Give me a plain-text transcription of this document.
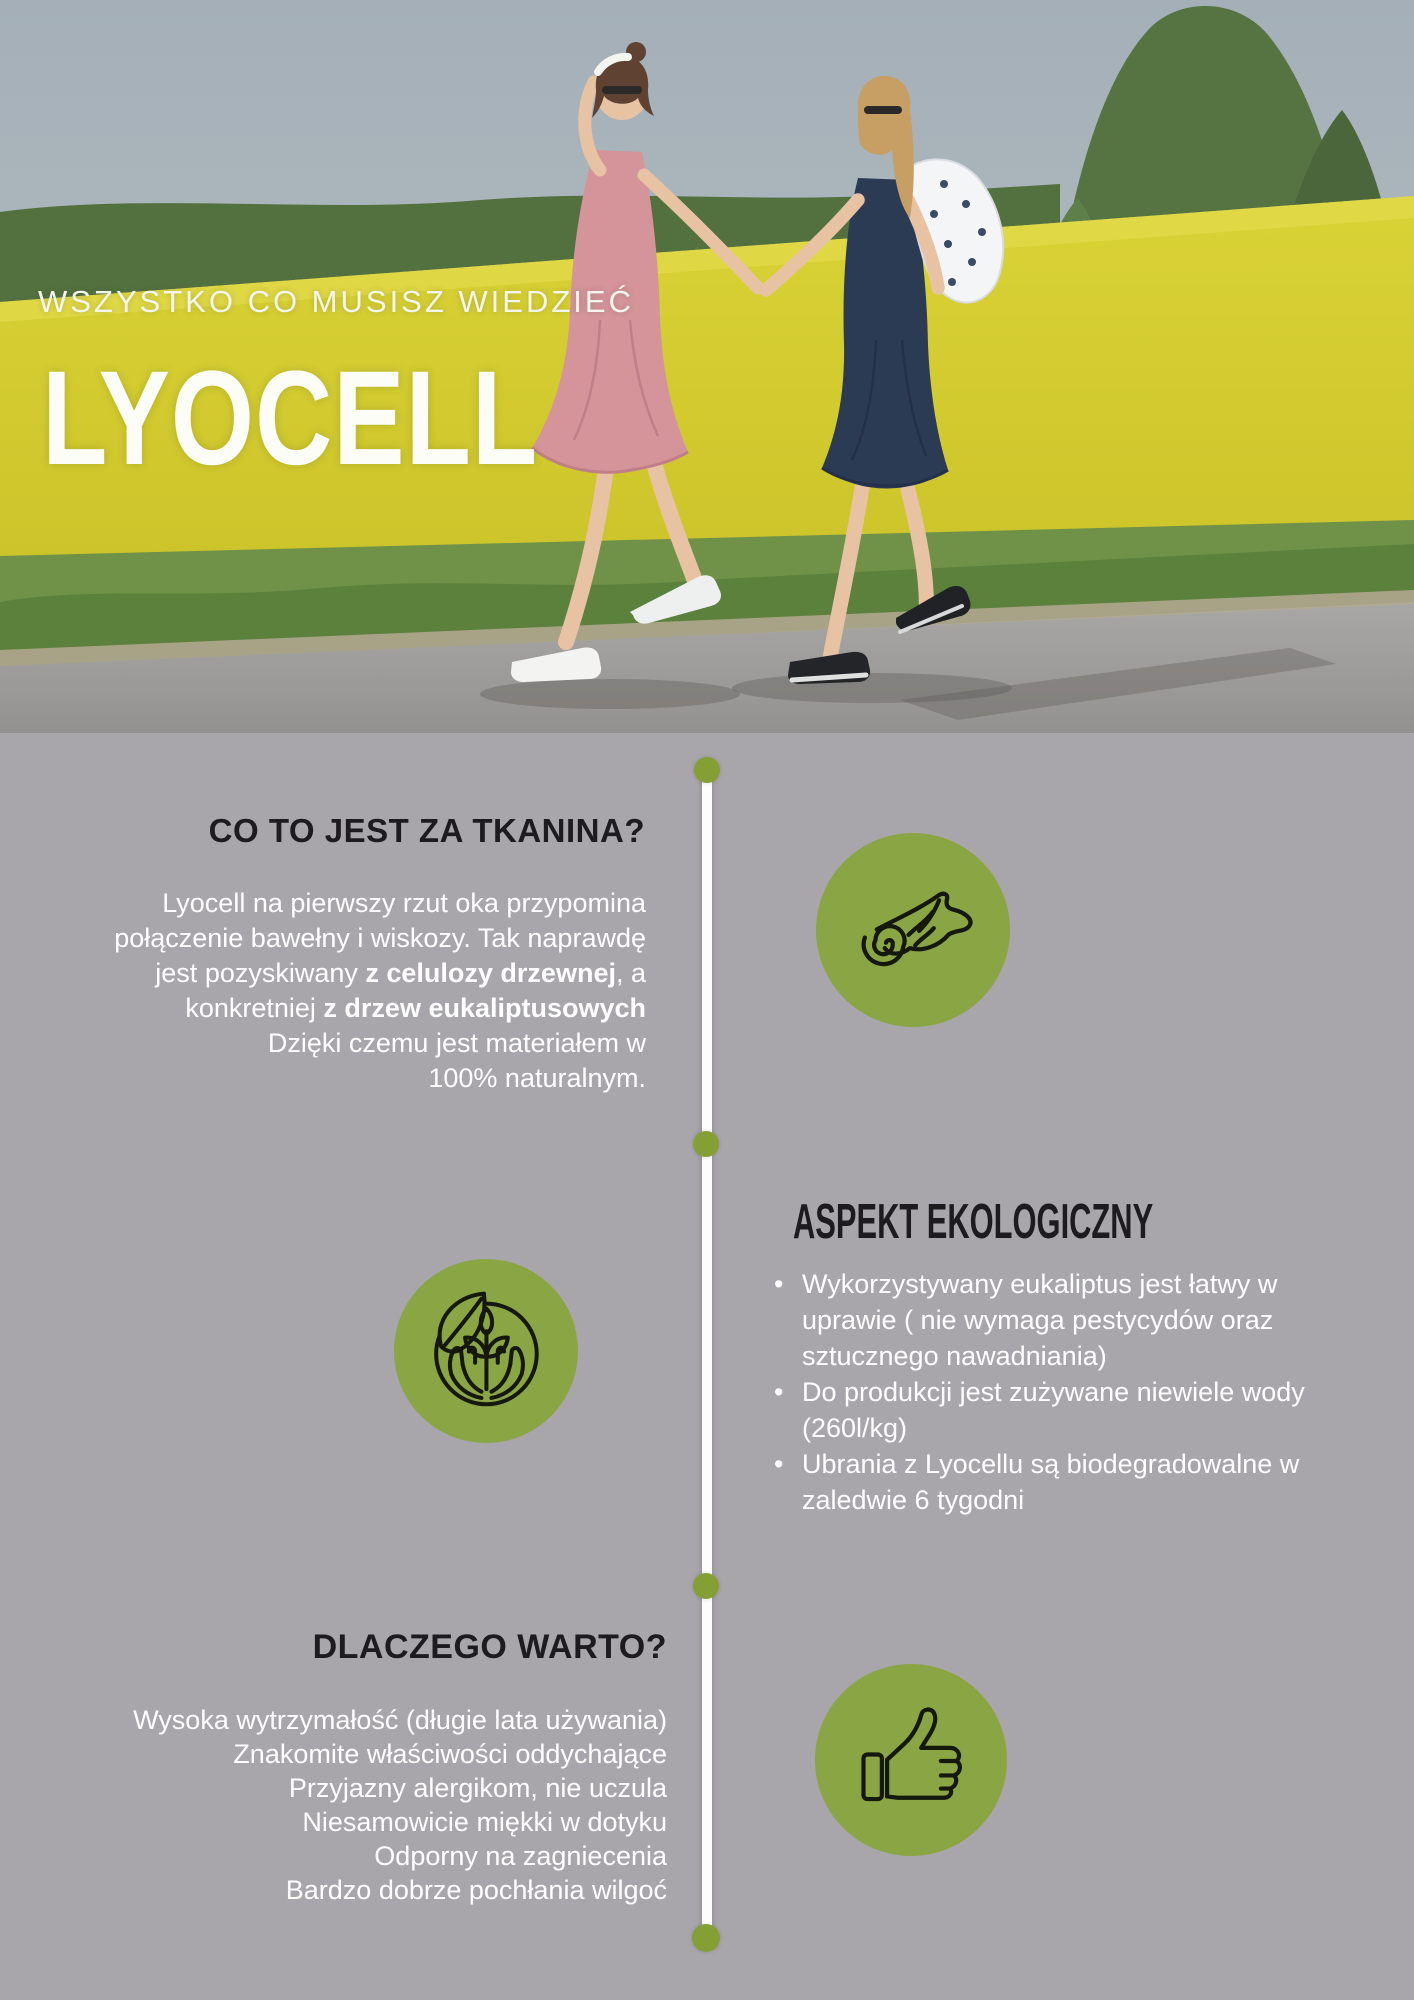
WSZYSTKO CO MUSISZ WIEDZIEĆ
LYOCELL
CO TO JEST ZA TKANINA?
Lyocell na pierwszy rzut oka przypomina
połączenie bawełny i wiskozy. Tak naprawdę
jest pozyskiwany z celulozy drzewnej, a
konkretniej z drzew eukaliptusowych
Dzięki czemu jest materiałem w
100% naturalnym.
ASPEKT EKOLOGICZNY
• Wykorzystywany eukaliptus jest łatwy w uprawie ( nie wymaga pestycydów oraz sztucznego nawadniania)
• Do produkcji jest zużywane niewiele wody (260l/kg)
• Ubrania z Lyocellu są biodegradowalne w zaledwie 6 tygodni
DLACZEGO WARTO?
Wysoka wytrzymałość (długie lata używania)
Znakomite właściwości oddychające
Przyjazny alergikom, nie uczula
Niesamowicie miękki w dotyku
Odporny na zagniecenia
Bardzo dobrze pochłania wilgoć
